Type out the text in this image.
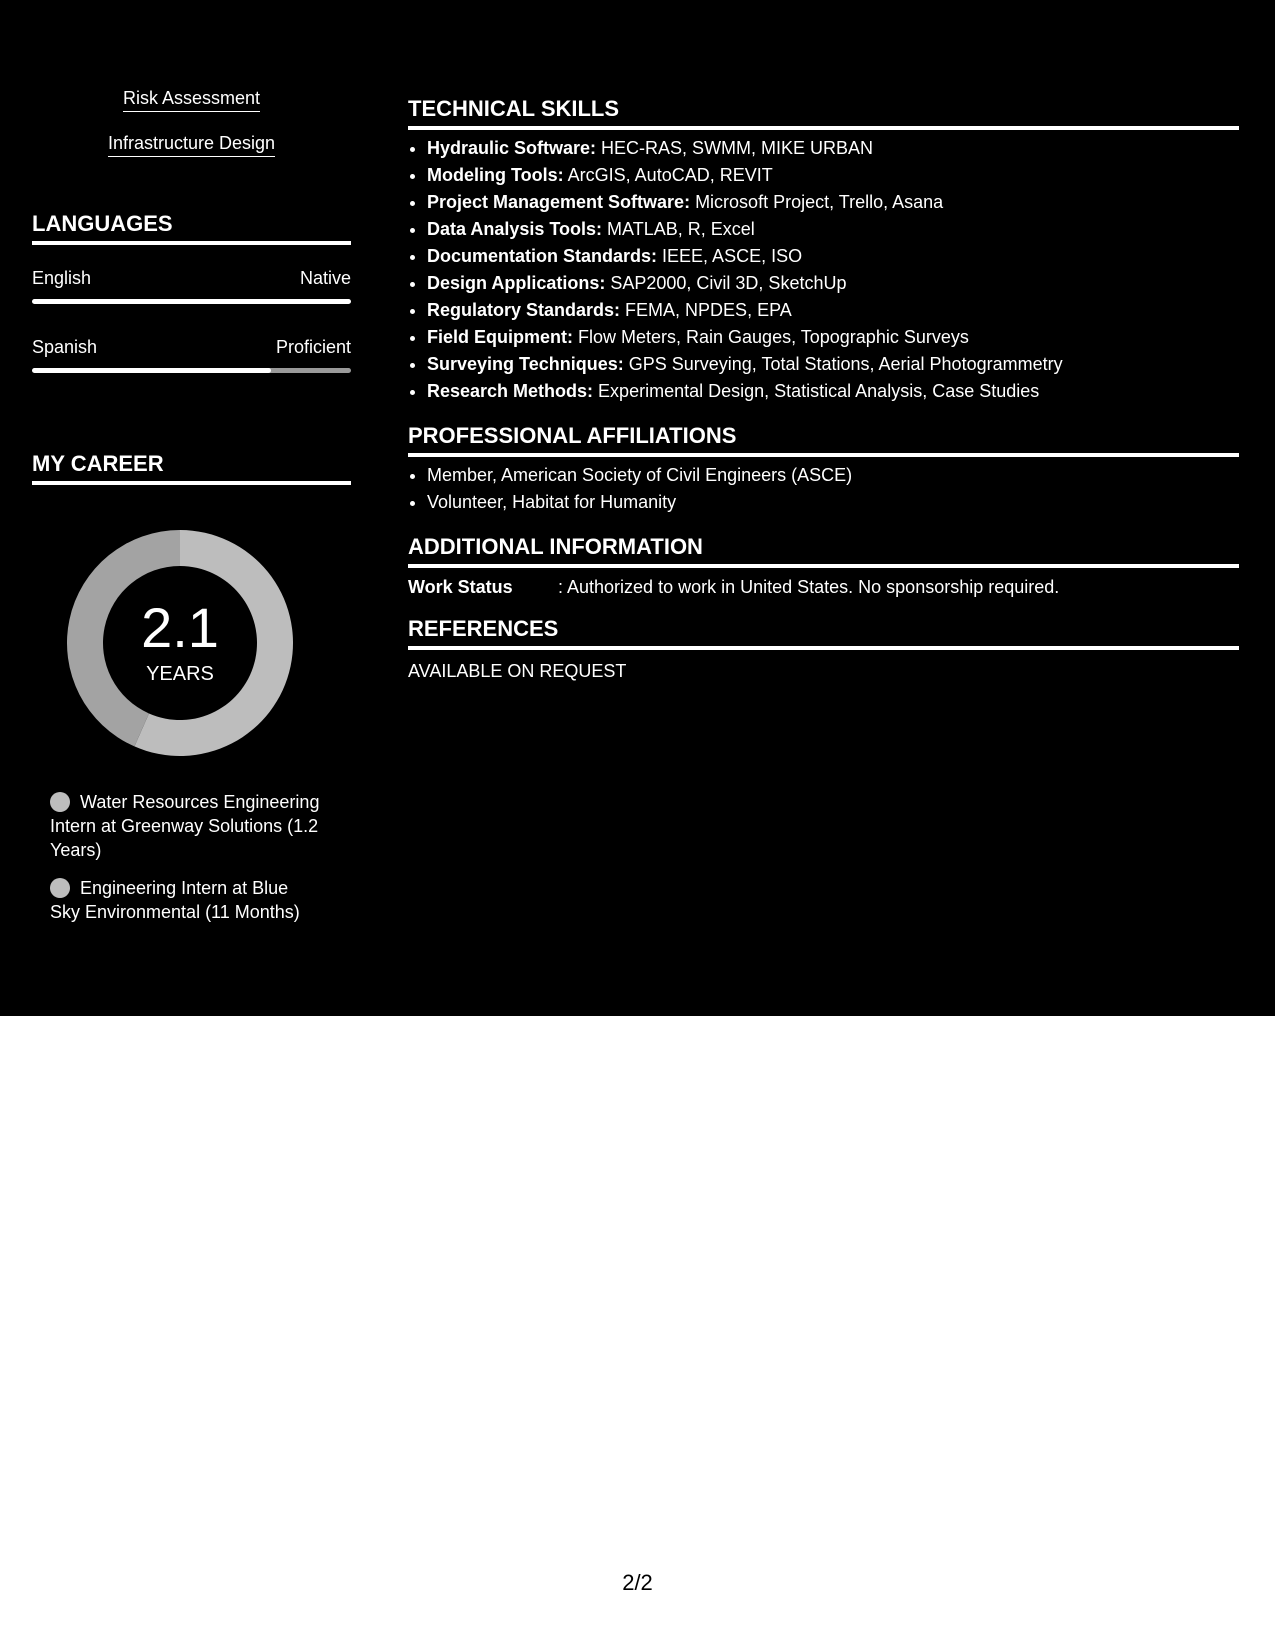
Risk Assessment
Infrastructure Design
LANGUAGES
English	Native
Spanish	Proficient
MY CAREER
2.1
YEARS
Water Resources Engineering Intern at Greenway Solutions (1.2 Years)
Engineering Intern at Blue Sky Environmental (11 Months)
TECHNICAL SKILLS
• Hydraulic Software: HEC-RAS, SWMM, MIKE URBAN
• Modeling Tools: ArcGIS, AutoCAD, REVIT
• Project Management Software: Microsoft Project, Trello, Asana
• Data Analysis Tools: MATLAB, R, Excel
• Documentation Standards: IEEE, ASCE, ISO
• Design Applications: SAP2000, Civil 3D, SketchUp
• Regulatory Standards: FEMA, NPDES, EPA
• Field Equipment: Flow Meters, Rain Gauges, Topographic Surveys
• Surveying Techniques: GPS Surveying, Total Stations, Aerial Photogrammetry
• Research Methods: Experimental Design, Statistical Analysis, Case Studies
PROFESSIONAL AFFILIATIONS
• Member, American Society of Civil Engineers (ASCE)
• Volunteer, Habitat for Humanity
ADDITIONAL INFORMATION
Work Status	: Authorized to work in United States. No sponsorship required.
REFERENCES
AVAILABLE ON REQUEST
2/2
